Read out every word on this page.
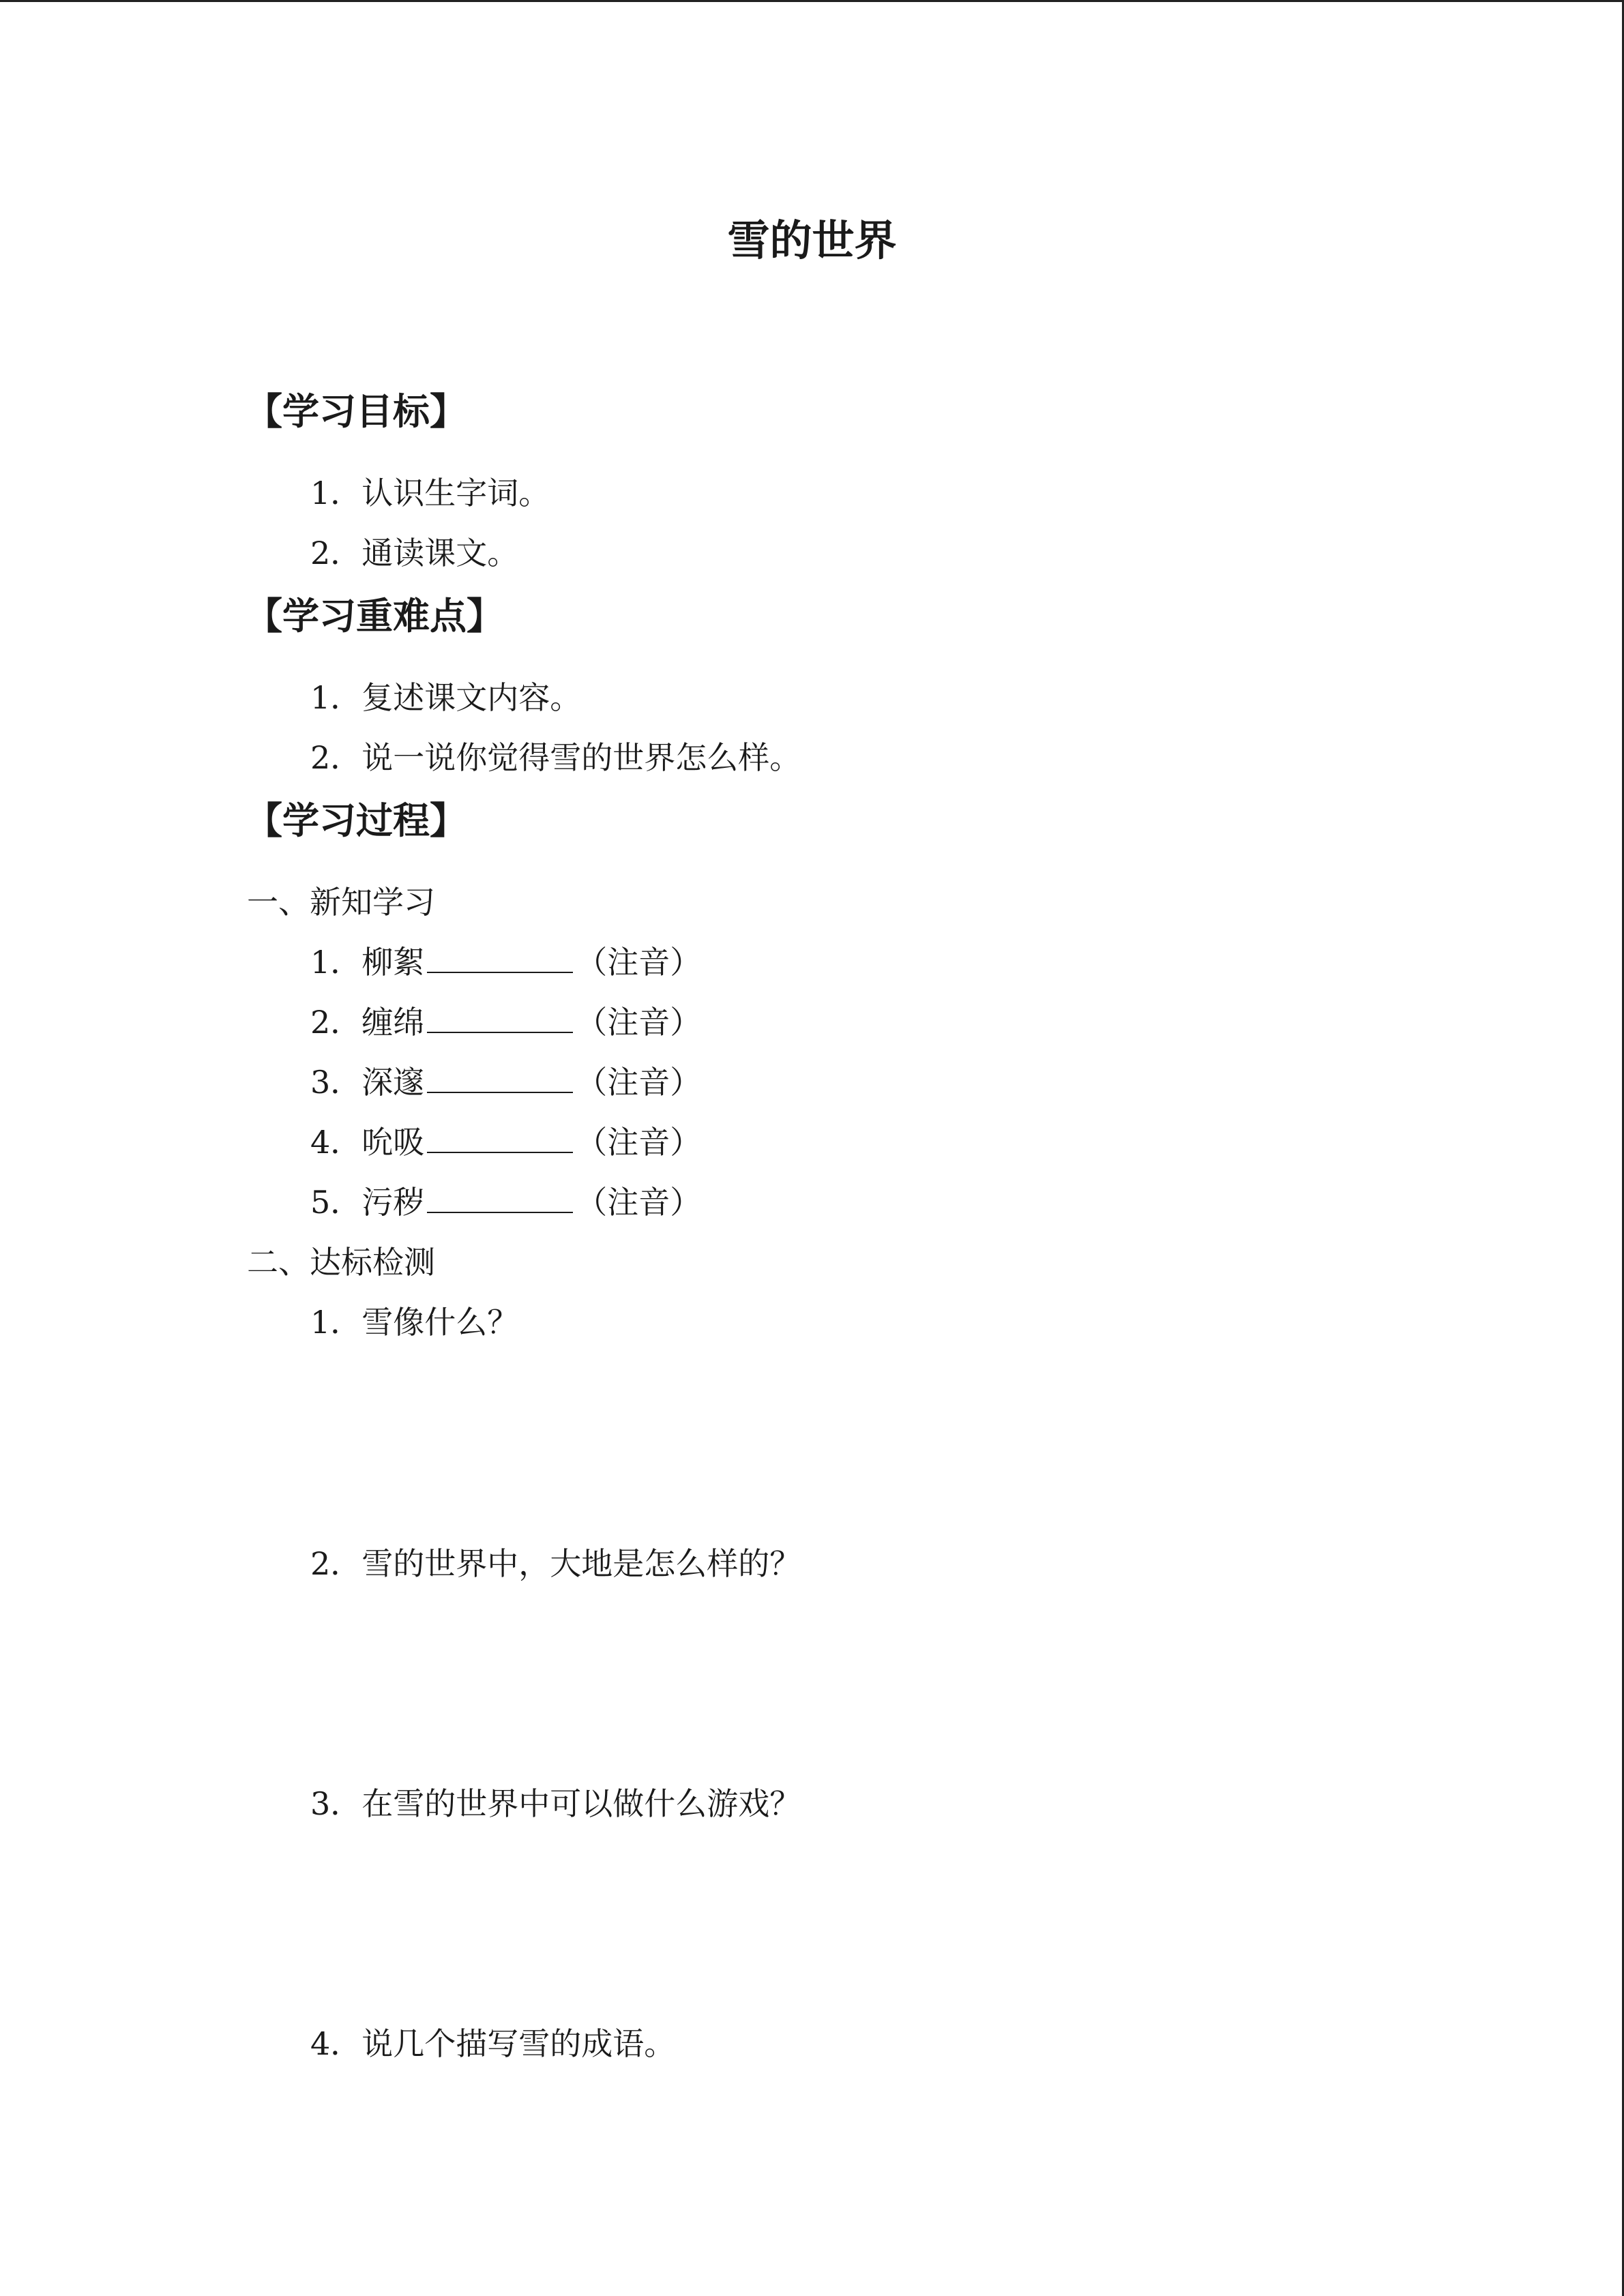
雪的世界
【学习目标】
1．认识生字词。
2．通读课文。
【学习重难点】
1．复述课文内容。
2．说一说你觉得雪的世界怎么样。
【学习过程】
一、新知学习
1．柳絮	（注音）
2．缠绵	（注音）
3．深邃	（注音）
4．吮吸	（注音）
5．污秽	（注音）
二、达标检测
1．雪像什么？
2．雪的世界中，大地是怎么样的？
3．在雪的世界中可以做什么游戏？
4．说几个描写雪的成语。
